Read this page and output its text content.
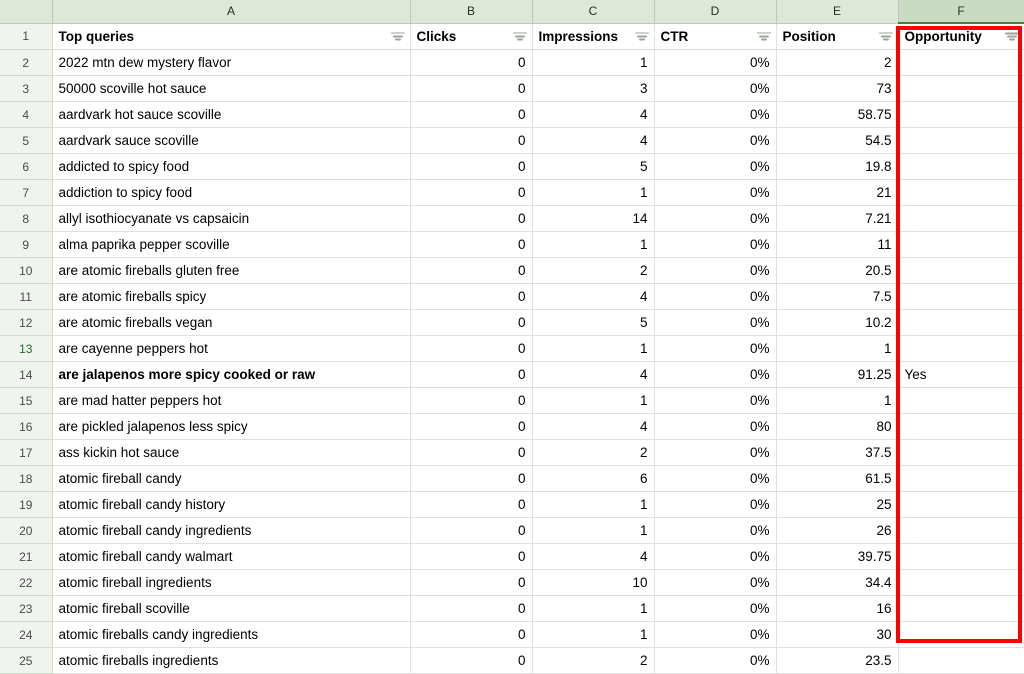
	A	B	C	D	E	F
1	Top queries	Clicks	Impressions	CTR	Position	Opportunity

2	2022 mtn dew mystery flavor	0	1	0%	2	
3	50000 scoville hot sauce	0	3	0%	73	
4	aardvark hot sauce scoville	0	4	0%	58.75	
5	aardvark sauce scoville	0	4	0%	54.5	
6	addicted to spicy food	0	5	0%	19.8	
7	addiction to spicy food	0	1	0%	21	
8	allyl isothiocyanate vs capsaicin	0	14	0%	7.21	
9	alma paprika pepper scoville	0	1	0%	11	
10	are atomic fireballs gluten free	0	2	0%	20.5	
11	are atomic fireballs spicy	0	4	0%	7.5	
12	are atomic fireballs vegan	0	5	0%	10.2	
13	are cayenne peppers hot	0	1	0%	1	
14	are jalapenos more spicy cooked or raw	0	4	0%	91.25	Yes
15	are mad hatter peppers hot	0	1	0%	1	
16	are pickled jalapenos less spicy	0	4	0%	80	
17	ass kickin hot sauce	0	2	0%	37.5	
18	atomic fireball candy	0	6	0%	61.5	
19	atomic fireball candy history	0	1	0%	25	
20	atomic fireball candy ingredients	0	1	0%	26	
21	atomic fireball candy walmart	0	4	0%	39.75	
22	atomic fireball ingredients	0	10	0%	34.4	
23	atomic fireball scoville	0	1	0%	16	
24	atomic fireballs candy ingredients	0	1	0%	30	
25	atomic fireballs ingredients	0	2	0%	23.5	
